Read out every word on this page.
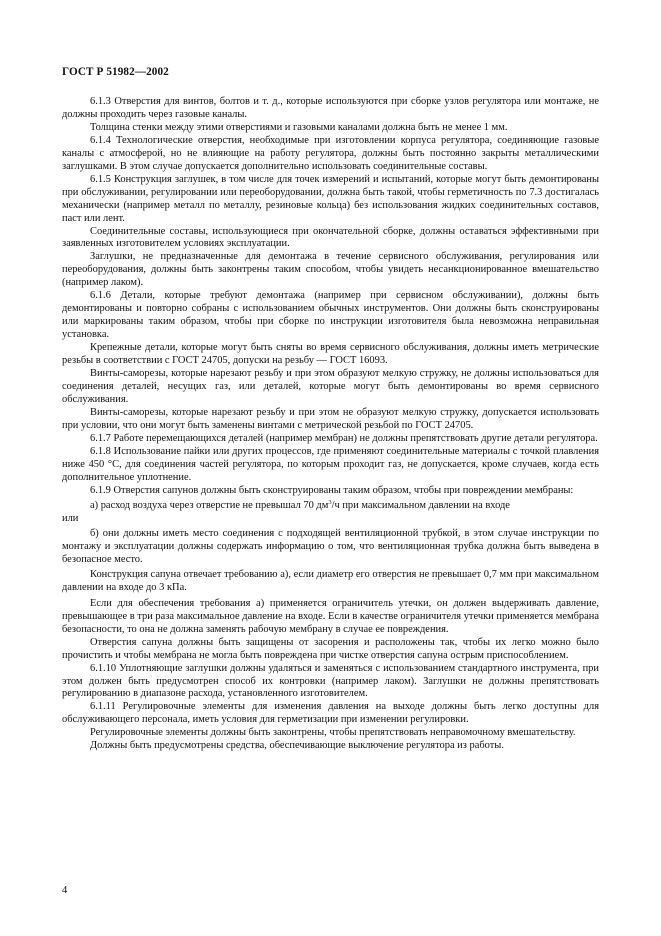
ГОСТ Р 51982—2002

6.1.3 Отверстия для винтов, болтов и т. д., которые используются при сборке узлов регулятора или монтаже, не должны проходить через газовые каналы.

Толщина стенки между этими отверстиями и газовыми каналами должна быть не менее 1 мм.

6.1.4 Технологические отверстия, необходимые при изготовлении корпуса регулятора, соединяющие газовые каналы с атмосферой, но не влияющие на работу регулятора, должны быть постоянно закрыты металлическими заглушками. В этом случае допускается дополнительно использовать соединительные составы.

6.1.5 Конструкция заглушек, в том числе для точек измерений и испытаний, которые могут быть демонтированы при обслуживании, регулировании или переоборудовании, должна быть такой, чтобы герметичность по 7.3 достигалась механически (например металл по металлу, резиновые кольца) без использования жидких соединительных составов, паст или лент.

Соединительные составы, использующиеся при окончательной сборке, должны оставаться эффективными при заявленных изготовителем условиях эксплуатации.

Заглушки, не предназначенные для демонтажа в течение сервисного обслуживания, регулирования или переоборудования, должны быть законтрены таким способом, чтобы увидеть несанкционированное вмешательство (например лаком).

6.1.6 Детали, которые требуют демонтажа (например при сервисном обслуживании), должны быть демонтированы и повторно собраны с использованием обычных инструментов. Они должны быть сконструированы или маркированы таким образом, чтобы при сборке по инструкции изготовителя была невозможна неправильная установка.

Крепежные детали, которые могут быть сняты во время сервисного обслуживания, должны иметь метрические резьбы в соответствии с ГОСТ 24705, допуски на резьбу — ГОСТ 16093.

Винты-саморезы, которые нарезают резьбу и при этом образуют мелкую стружку, не должны использоваться для соединения деталей, несущих газ, или деталей, которые могут быть демонтированы во время сервисного обслуживания.

Винты-саморезы, которые нарезают резьбу и при этом не образуют мелкую стружку, допускается использовать при условии, что они могут быть заменены винтами с метрической резьбой по ГОСТ 24705.

6.1.7 Работе перемещающихся деталей (например мембран) не должны препятствовать другие детали регулятора.

6.1.8 Использование пайки или других процессов, где применяют соединительные материалы с точкой плавления ниже 450 °С, для соединения частей регулятора, по которым проходит газ, не допускается, кроме случаев, когда есть дополнительное уплотнение.

6.1.9 Отверстия сапунов должны быть сконструированы таким образом, чтобы при повреждении мембраны:

а) расход воздуха через отверстие не превышал 70 $дм^3/ч$ при максимальном давлении на входе

или

б) они должны иметь место соединения с подходящей вентиляционной трубкой, в этом случае инструкции по монтажу и эксплуатации должны содержать информацию о том, что вентиляционная трубка должна быть выведена в безопасное место.

Конструкция сапуна отвечает требованию а), если диаметр его отверстия не превышает 0,7 мм при максимальном давлении на входе до 3 кПа.

Если для обеспечения требования а) применяется ограничитель утечки, он должен выдерживать давление, превышающее в три раза максимальное давление на входе. Если в качестве ограничителя утечки применяется мембрана безопасности, то она не должна заменять рабочую мембрану в случае ее повреждения.

Отверстия сапуна должны быть защищены от засорения и расположены так, чтобы их легко можно было прочистить и чтобы мембрана не могла быть повреждена при чистке отверстия сапуна острым приспособлением.

6.1.10 Уплотняющие заглушки должны удаляться и заменяться с использованием стандартного инструмента, при этом должен быть предусмотрен способ их контровки (например лаком). Заглушки не должны препятствовать регулированию в диапазоне расхода, установленного изготовителем.

6.1.11 Регулировочные элементы для изменения давления на выходе должны быть легко доступны для обслуживающего персонала, иметь условия для герметизации при изменении регулировки.

Регулировочные элементы должны быть законтрены, чтобы препятствовать неправомочному вмешательству.

Должны быть предусмотрены средства, обеспечивающие выключение регулятора из работы.

4
